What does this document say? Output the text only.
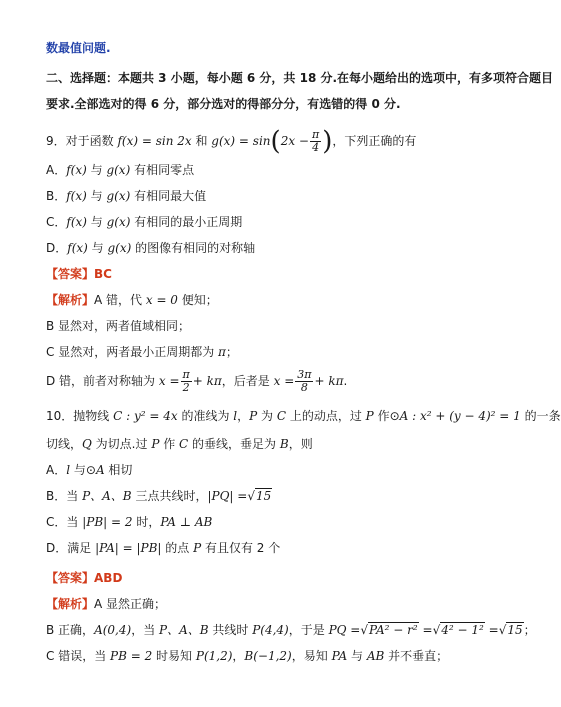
数最值问题.
二、选择题：本题共 3 小题，每小题 6 分，共 18 分.在每小题给出的选项中，有多项符合题目
要求.全部选对的得 6 分，部分选对的得部分分，有选错的得 0 分.
9．对于函数 f(x) = sin 2x 和 $g(x) = \sin(2x - \frac{\pi}{4}$ )，下列正确的有
A．f(x) 与 g(x) 有相同零点
B．f(x) 与 g(x) 有相同最大值
C．f(x) 与 g(x) 有相同的最小正周期
D．f(x) 与 g(x) 的图像有相同的对称轴
【答案】BC
【解析】A 错，代 x = 0 便知；
B 显然对，两者值域相同；
C 显然对，两者最小正周期都为 π；
D 错，前者对称轴为 $x = \frac{\pi}{2} + k\pi$，后者是 $x = \frac{3\pi}{8} + k\pi$.
10．抛物线 C : y² = 4x 的准线为 l，P 为 C 上的动点，过 P 作⊙A : x² + (y − 4)² = 1 的一条
切线，Q 为切点.过 P 作 C 的垂线，垂足为 B，则
A．l 与⊙A 相切
B．当 P、A、B 三点共线时，|PQ| =√15
C．当 |PB| = 2 时，PA ⊥ AB
D．满足 |PA| = |PB| 的点 P 有且仅有 2 个
【答案】ABD
【解析】A 显然正确；
B 正确，A(0,4)，当 P、A、B 共线时 P(4,4)，于是 PQ =√PA² − r² =√4² − 1² =√15；
C 错误，当 PB = 2 时易知 P(1,2)，B(−1,2)，易知 PA 与 AB 并不垂直；
